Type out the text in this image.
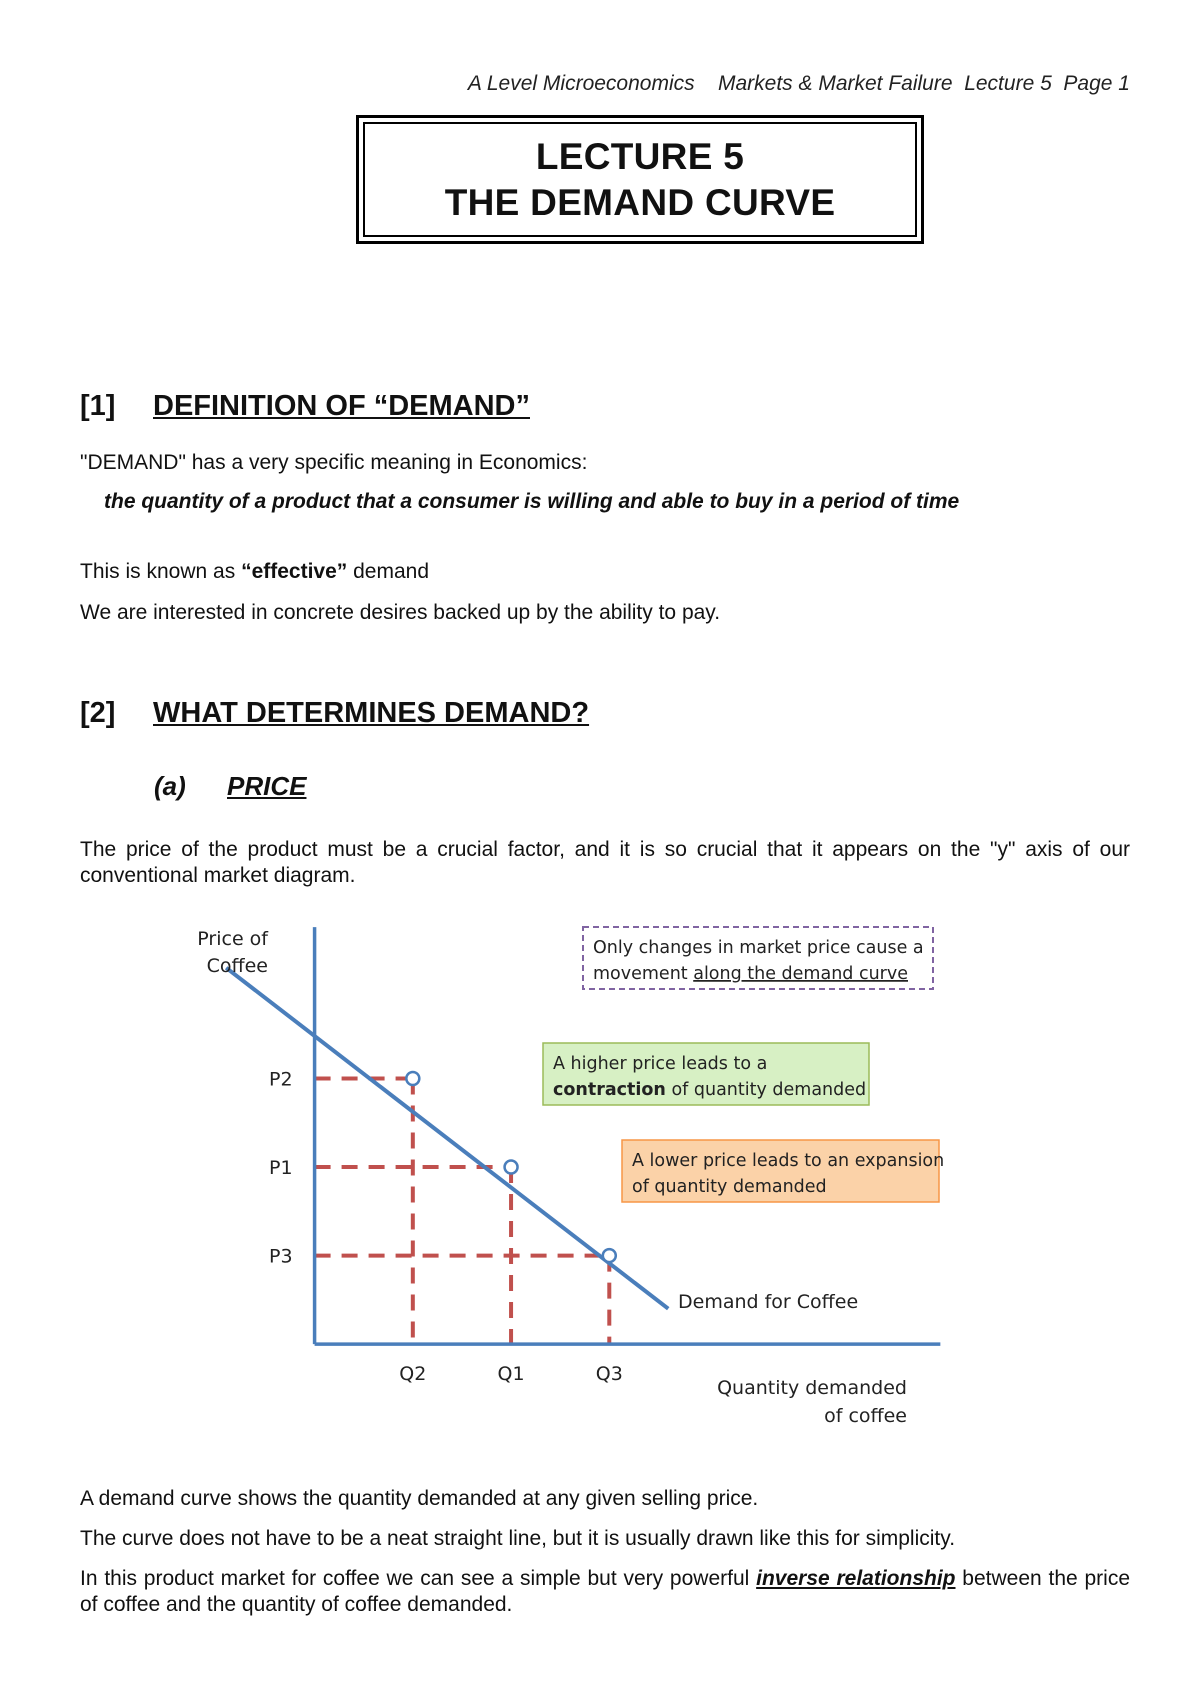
A Level Microeconomics Markets & Market Failure Lecture 5  Page 1
LECTURE 5
THE DEMAND CURVE
[1] DEFINITION OF “DEMAND”
"DEMAND" has a very specific meaning in Economics:
the quantity of a product that a consumer is willing and able to buy in a period of time
This is known as “effective” demand
We are interested in concrete desires backed up by the ability to pay.
[2] WHAT DETERMINES DEMAND?
(a) PRICE
The price of the product must be a crucial factor, and it is so crucial that it appears on the "y" axis of our conventional market diagram.
P2
P1
P3
Q2	Q1	Q3
Price of
Coffee
Quantity demanded
of coffee
Demand for Coffee
Only changes in market price cause a
movement along the demand curve
A higher price leads to a
contraction of quantity demanded
A lower price leads to an expansion
of quantity demanded
A demand curve shows the quantity demanded at any given selling price.
The curve does not have to be a neat straight line, but it is usually drawn like this for simplicity.
In this product market for coffee we can see a simple but very powerful inverse relationship between the price of coffee and the quantity of coffee demanded.
